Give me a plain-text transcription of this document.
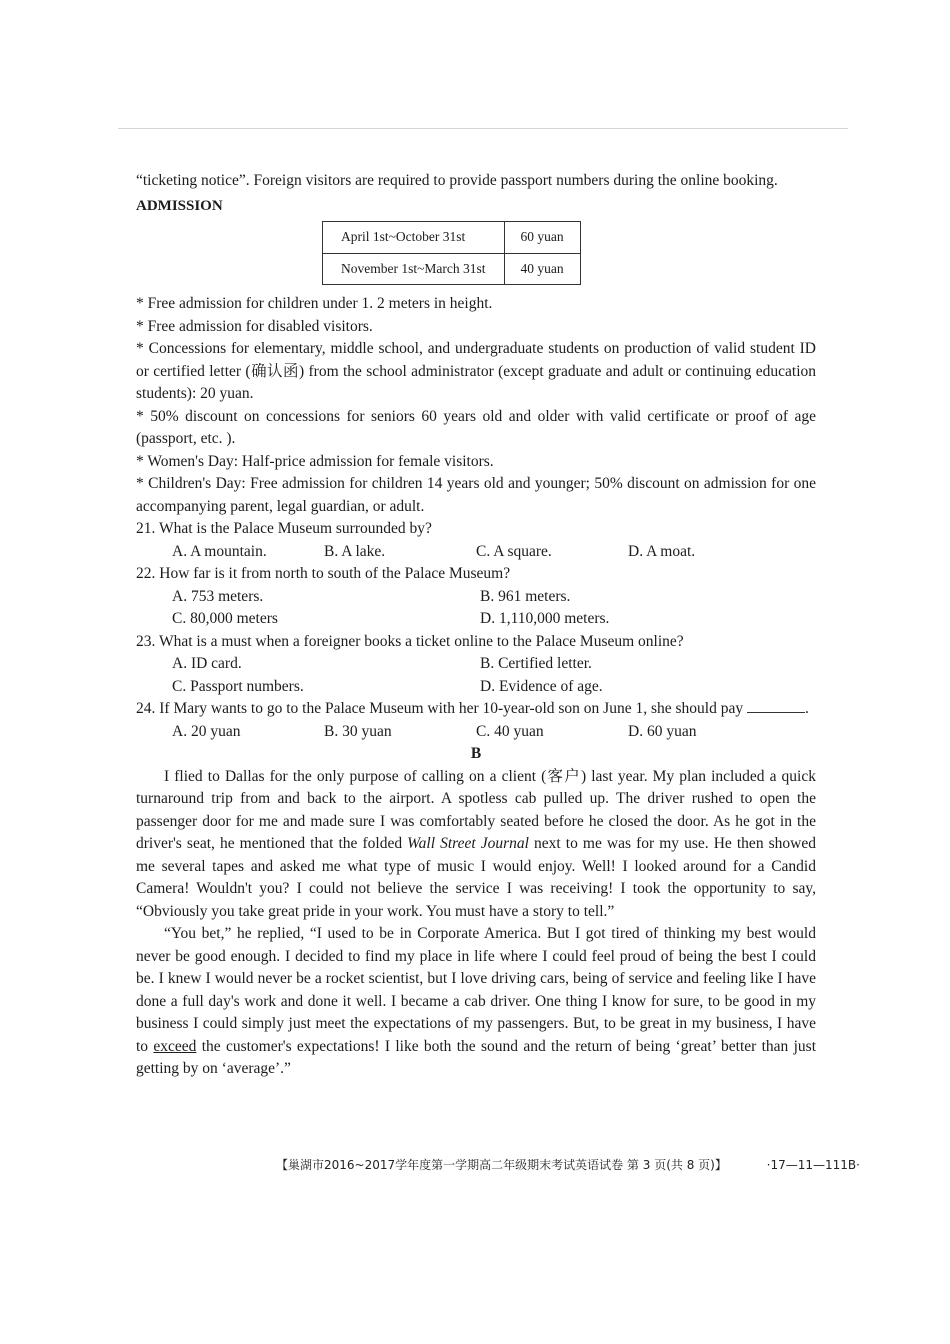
“ticketing notice”. Foreign visitors are required to provide passport numbers during the online booking.

ADMISSION

April 1st~October 31st	60 yuan
November 1st~March 31st	40 yuan

* Free admission for children under 1. 2 meters in height.

* Free admission for disabled visitors.

* Concessions for elementary, middle school, and undergraduate students on production of valid student ID or certified letter (确认函) from the school administrator (except graduate and adult or continuing education students): 20 yuan.

* 50% discount on concessions for seniors 60 years old and older with valid certificate or proof of age (passport, etc. ).

* Women's Day: Half-price admission for female visitors.

* Children's Day: Free admission for children 14 years old and younger; 50% discount on admission for one accompanying parent, legal guardian, or adult.

21. What is the Palace Museum surrounded by?

A. A mountain.	B. A lake.	C. A square.	D. A moat.

22. How far is it from north to south of the Palace Museum?

A. 753 meters.	B. 961 meters.
C. 80,000 meters	D. 1,110,000 meters.

23. What is a must when a foreigner books a ticket online to the Palace Museum online?

A. ID card.	B. Certified letter.
C. Passport numbers.	D. Evidence of age.

24. If Mary wants to go to the Palace Museum with her 10-year-old son on June 1, she should pay	.

A. 20 yuan	B. 30 yuan	C. 40 yuan	D. 60 yuan

B

I flied to Dallas for the only purpose of calling on a client (客户) last year. My plan included a quick turnaround trip from and back to the airport. A spotless cab pulled up. The driver rushed to open the passenger door for me and made sure I was comfortably seated before he closed the door. As he got in the driver's seat, he mentioned that the folded Wall Street Journal next to me was for my use. He then showed me several tapes and asked me what type of music I would enjoy. Well! I looked around for a Candid Camera! Wouldn't you? I could not believe the service I was receiving! I took the opportunity to say, “Obviously you take great pride in your work. You must have a story to tell.”

“You bet,” he replied, “I used to be in Corporate America. But I got tired of thinking my best would never be good enough. I decided to find my place in life where I could feel proud of being the best I could be. I knew I would never be a rocket scientist, but I love driving cars, being of service and feeling like I have done a full day's work and done it well. I became a cab driver. One thing I know for sure, to be good in my business I could simply just meet the expectations of my passengers. But, to be great in my business, I have to exceed the customer's expectations! I like both the sound and the return of being ‘great’ better than just getting by on ‘average’.”

【巢湖市2016~2017学年度第一学期高二年级期末考试英语试卷 第 3 页(共 8 页)】	·17—11—111B·
